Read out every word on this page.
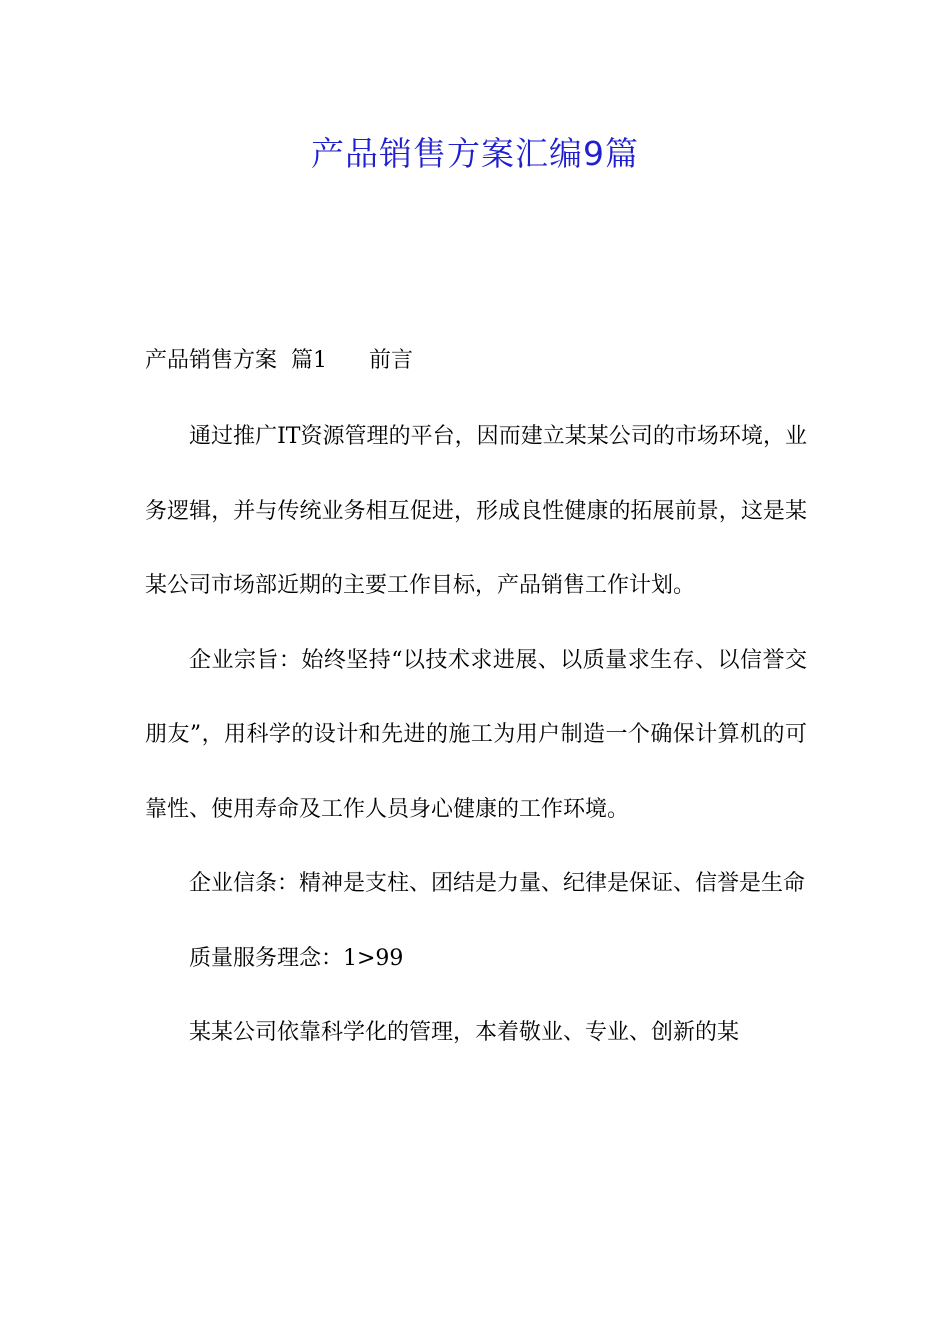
产品销售方案汇编9篇
产品销售方案  篇1      前言

通过推广IT资源管理的平台，因而建立某某公司的市场环境，业务逻辑，并与传统业务相互促进，形成良性健康的拓展前景，这是某某公司市场部近期的主要工作目标，产品销售工作计划。

企业宗旨：始终坚持“以技术求进展、以质量求生存、以信誉交朋友”，用科学的设计和先进的施工为用户制造一个确保计算机的可靠性、使用寿命及工作人员身心健康的工作环境。

企业信条：精神是支柱、团结是力量、纪律是保证、信誉是生命

质量服务理念：1>99

某某公司依靠科学化的管理，本着敬业、专业、创新的某
